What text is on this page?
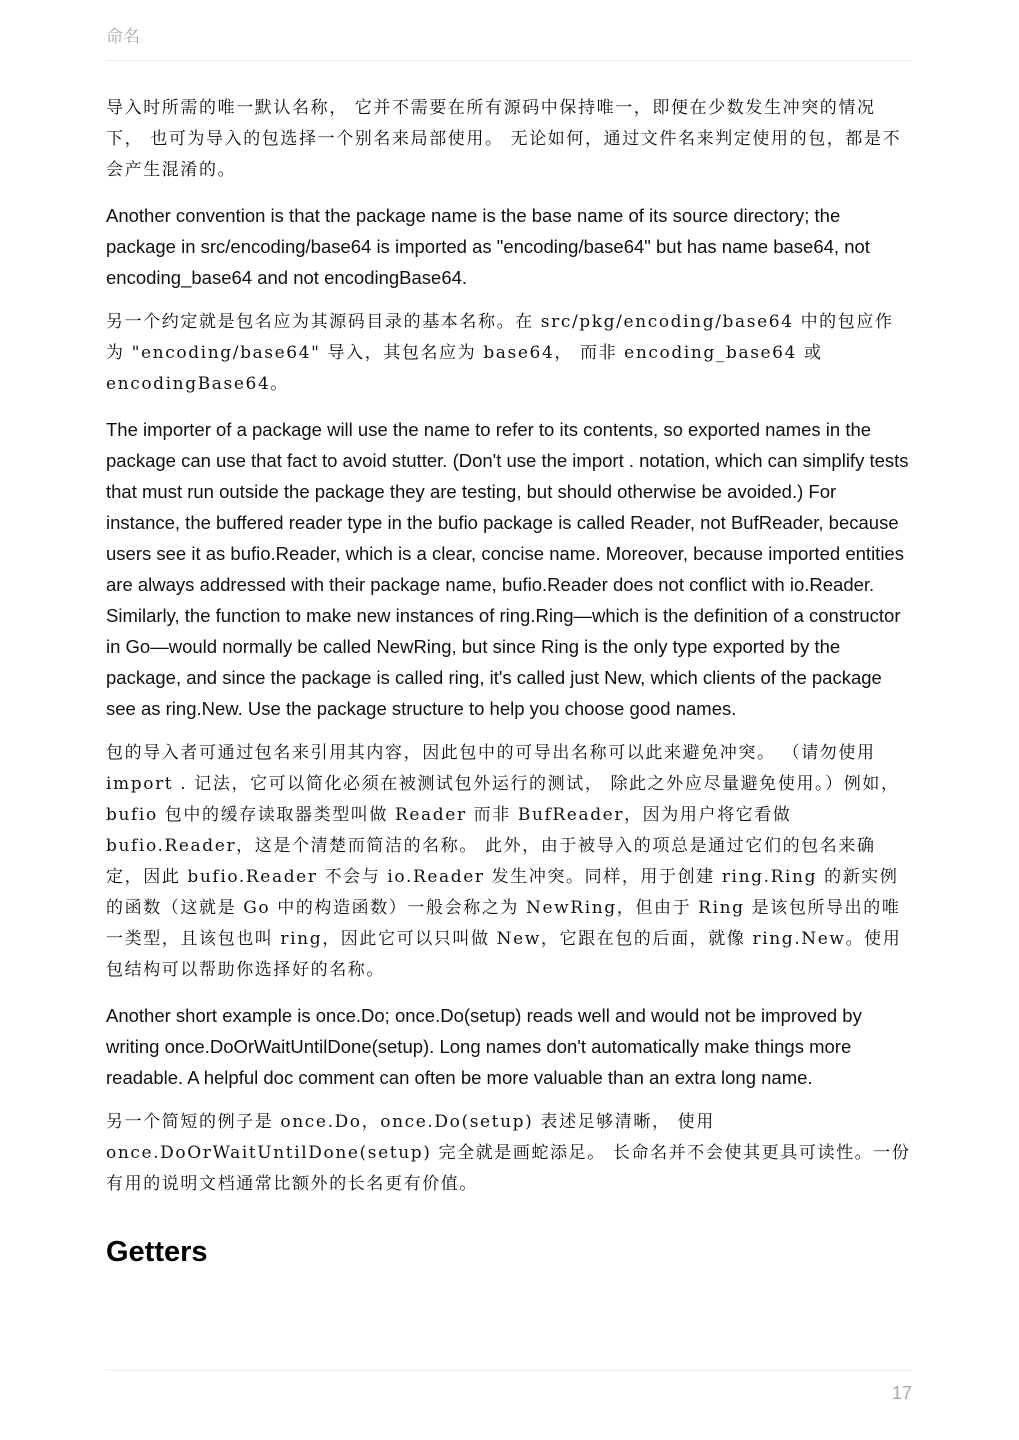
命名

导入时所需的唯一默认名称， 它并不需要在所有源码中保持唯一，即便在少数发生冲突的情况下， 也可为导入的包选择一个别名来局部使用。 无论如何，通过文件名来判定使用的包，都是不会产生混淆的。

Another convention is that the package name is the base name of its source directory; the package in src/encoding/base64 is imported as "encoding/base64" but has name base64, not encoding_base64 and not encodingBase64.

另一个约定就是包名应为其源码目录的基本名称。在 src/pkg/encoding/base64 中的包应作为 "encoding/base64" 导入，其包名应为 base64， 而非 encoding_base64 或 encodingBase64。

The importer of a package will use the name to refer to its contents, so exported names in the package can use that fact to avoid stutter. (Don't use the import . notation, which can simplify tests that must run outside the package they are testing, but should otherwise be avoided.) For instance, the buffered reader type in the bufio package is called Reader, not BufReader, because users see it as bufio.Reader, which is a clear, concise name. Moreover, because imported entities are always addressed with their package name, bufio.Reader does not conflict with io.Reader. Similarly, the function to make new instances of ring.Ring—which is the definition of a constructor in Go—would normally be called NewRing, but since Ring is the only type exported by the package, and since the package is called ring, it's called just New, which clients of the package see as ring.New. Use the package structure to help you choose good names.

包的导入者可通过包名来引用其内容，因此包中的可导出名称可以此来避免冲突。 （请勿使用 import . 记法，它可以简化必须在被测试包外运行的测试， 除此之外应尽量避免使用。）例如，bufio 包中的缓存读取器类型叫做 Reader 而非 BufReader，因为用户将它看做 bufio.Reader，这是个清楚而简洁的名称。 此外，由于被导入的项总是通过它们的包名来确定，因此 bufio.Reader 不会与 io.Reader 发生冲突。同样，用于创建 ring.Ring 的新实例的函数（这就是 Go 中的构造函数）一般会称之为 NewRing，但由于 Ring 是该包所导出的唯一类型，且该包也叫 ring，因此它可以只叫做 New，它跟在包的后面，就像 ring.New。使用包结构可以帮助你选择好的名称。

Another short example is once.Do; once.Do(setup) reads well and would not be improved by writing once.DoOrWaitUntilDone(setup). Long names don't automatically make things more readable. A helpful doc comment can often be more valuable than an extra long name.

另一个简短的例子是 once.Do，once.Do(setup) 表述足够清晰， 使用 once.DoOrWaitUntilDone(setup) 完全就是画蛇添足。 长命名并不会使其更具可读性。一份有用的说明文档通常比额外的长名更有价值。

Getters
17
